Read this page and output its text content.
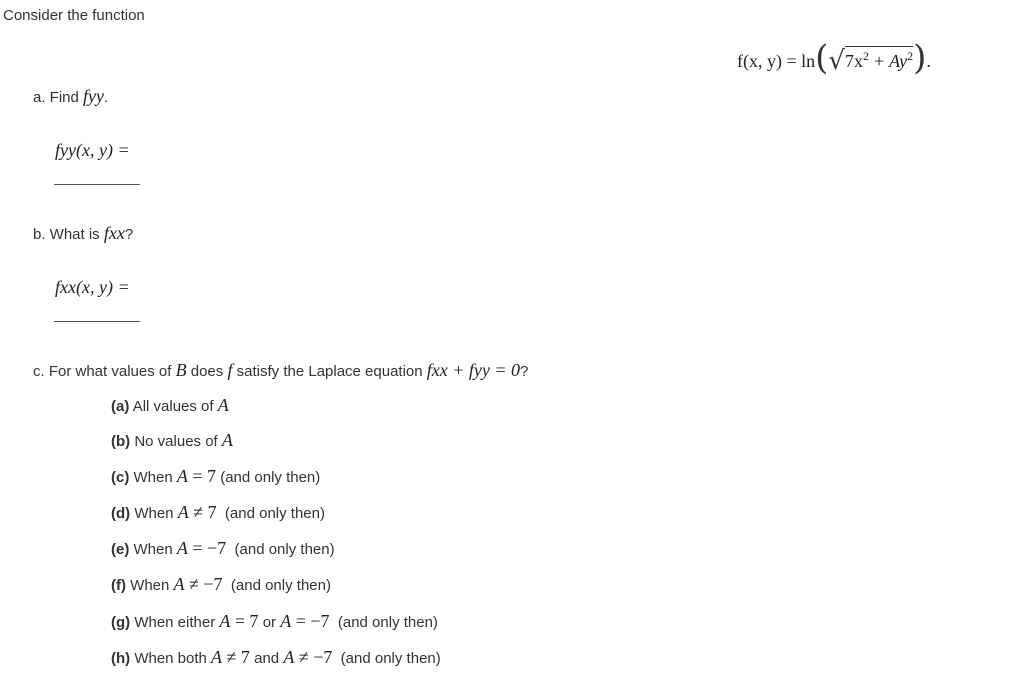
Consider the function
f(x, $y) = \ln(√7x^2 + Ay^2)$.
a. Find fyy.
fyy(x, y) =
b. What is fxx?
fxx(x, y) =
c. For what values of B does f satisfy the Laplace equation fxx + fyy = 0?
(a) All values of A
(b) No values of A
(c) When A = 7 (and only then)
(d) When A ≠ 7  (and only then)
(e) When A = −7  (and only then)
(f) When A ≠ −7  (and only then)
(g) When either A = 7 or A = −7  (and only then)
(h) When both A ≠ 7 and A ≠ −7  (and only then)
